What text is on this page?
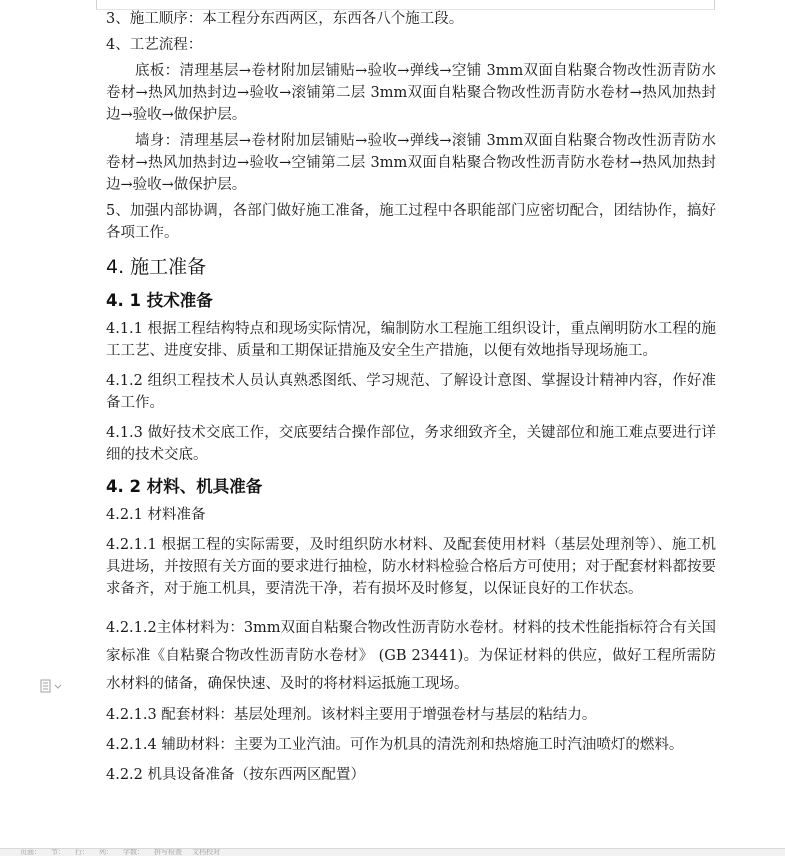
3、施工顺序：本工程分东西两区，东西各八个施工段。

4、工艺流程：

底板：清理基层→卷材附加层铺贴→验收→弹线→空铺 3mm双面自粘聚合物改性沥青防水卷材→热风加热封边→验收→滚铺第二层 3mm双面自粘聚合物改性沥青防水卷材→热风加热封边→验收→做保护层。

墙身：清理基层→卷材附加层铺贴→验收→弹线→滚铺 3mm双面自粘聚合物改性沥青防水卷材→热风加热封边→验收→空铺第二层 3mm双面自粘聚合物改性沥青防水卷材→热风加热封边→验收→做保护层。

5、加强内部协调，各部门做好施工准备，施工过程中各职能部门应密切配合，团结协作，搞好各项工作。

4. 施工准备
4. 1 技术准备

4.1.1 根据工程结构特点和现场实际情况，编制防水工程施工组织设计，重点阐明防水工程的施工工艺、进度安排、质量和工期保证措施及安全生产措施，以便有效地指导现场施工。

4.1.2 组织工程技术人员认真熟悉图纸、学习规范、了解设计意图、掌握设计精神内容，作好准备工作。

4.1.3 做好技术交底工作，交底要结合操作部位，务求细致齐全，关键部位和施工难点要进行详细的技术交底。

4. 2 材料、机具准备

4.2.1 材料准备

4.2.1.1 根据工程的实际需要，及时组织防水材料、及配套使用材料（基层处理剂等）、施工机具进场，并按照有关方面的要求进行抽检，防水材料检验合格后方可使用；对于配套材料都按要求备齐，对于施工机具，要清洗干净，若有损坏及时修复，以保证良好的工作状态。

4.2.1.2主体材料为：3mm双面自粘聚合物改性沥青防水卷材。材料的技术性能指标符合有关国家标准《自粘聚合物改性沥青防水卷材》 (GB 23441)。为保证材料的供应，做好工程所需防水材料的储备，确保快速、及时的将材料运抵施工现场。

4.2.1.3 配套材料：基层处理剂。该材料主要用于增强卷材与基层的粘结力。

4.2.1.4 辅助材料：主要为工业汽油。可作为机具的清洗剂和热熔施工时汽油喷灯的燃料。

4.2.2 机具设备准备（按东西两区配置）

页面： 节： 行： 列： 字数： 拼写检查 文档校对
